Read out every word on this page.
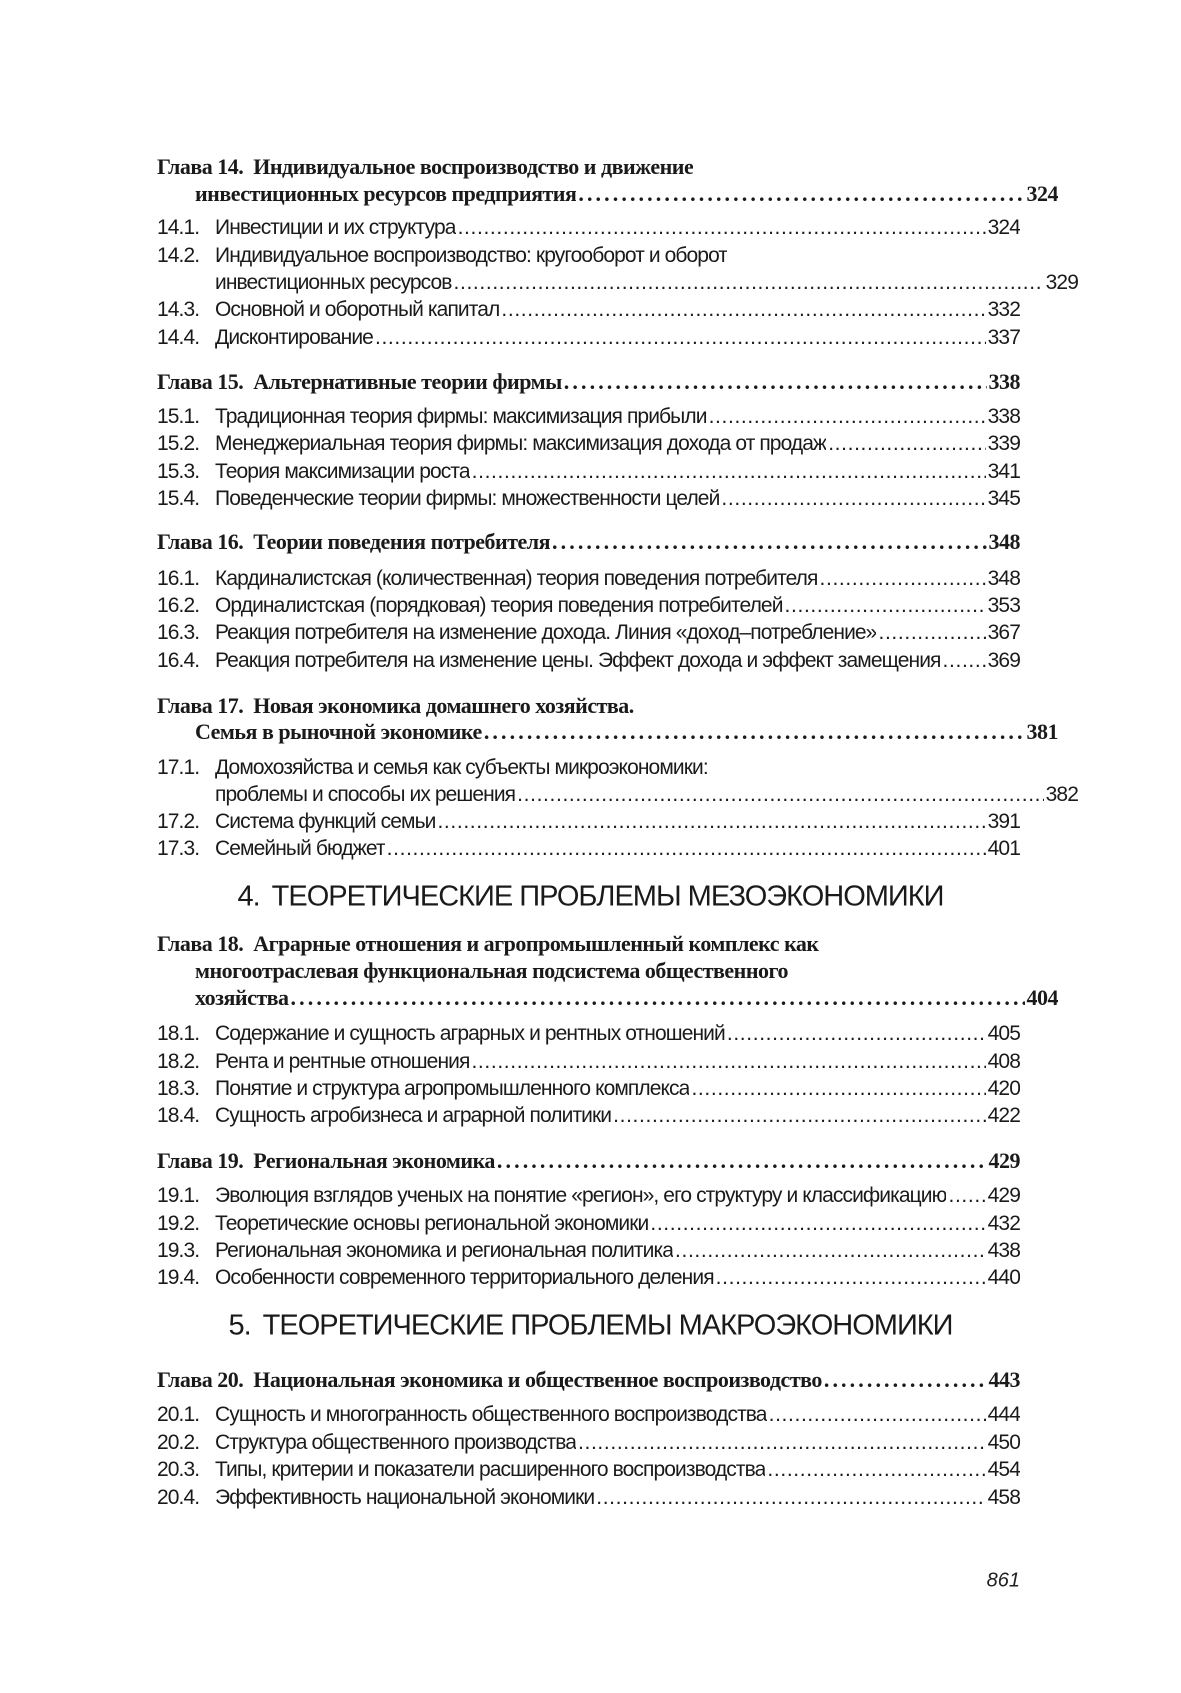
Глава 14. Индивидуальное воспроизводство и движение
инвестиционных ресурсов предприятия . . .	324
14.1. Инвестиции и их структура . . .	324
14.2. Индивидуальное воспроизводство: кругооборот и оборот
инвестиционных ресурсов . . .	329
14.3. Основной и оборотный капитал . . .	332
14.4. Дисконтирование . . .	337
Глава 15. Альтернативные теории фирмы . . .	338
15.1. Традиционная теория фирмы: максимизация прибыли . . .	338
15.2. Менеджериальная теория фирмы: максимизация дохода от продаж . . .	339
15.3. Теория максимизации роста . . .	341
15.4. Поведенческие теории фирмы: множественности целей . . .	345
Глава 16. Теории поведения потребителя . . .	348
16.1. Кардиналистская (количественная) теория поведения потребителя . . .	348
16.2. Ординалистская (порядковая) теория поведения потребителей . . .	353
16.3. Реакция потребителя на изменение дохода. Линия «доход–потребление» . . .	367
16.4. Реакция потребителя на изменение цены. Эффект дохода и эффект замещения . . . 369
Глава 17. Новая экономика домашнего хозяйства.
Семья в рыночной экономике . . .	381
17.1. Домохозяйства и семья как субъекты микроэкономики:
проблемы и способы их решения . . .	382
17.2. Система функций семьи . . .	391
17.3. Семейный бюджет . . .	401
4. ТЕОРЕТИЧЕСКИЕ ПРОБЛЕМЫ МЕЗОЭКОНОМИКИ
Глава 18. Аграрные отношения и агропромышленный комплекс как
многоотраслевая функциональная подсистема общественного
хозяйства . . .	404
18.1. Содержание и сущность аграрных и рентных отношений . . .	405
18.2. Рента и рентные отношения . . .	408
18.3. Понятие и структура агропромышленного комплекса . . .	420
18.4. Сущность агробизнеса и аграрной политики . . .	422
Глава 19. Региональная экономика . . .	429
19.1. Эволюция взглядов ученых на понятие «регион», его структуру и классификацию . . . 429
19.2. Теоретические основы региональной экономики . . .	432
19.3. Региональная экономика и региональная политика . . .	438
19.4. Особенности современного территориального деления . . .	440
5. ТЕОРЕТИЧЕСКИЕ ПРОБЛЕМЫ МАКРОЭКОНОМИКИ
Глава 20. Национальная экономика и общественное воспроизводство . . .	443
20.1. Сущность и многогранность общественного воспроизводства . . .	444
20.2. Структура общественного производства . . .	450
20.3. Типы, критерии и показатели расширенного воспроизводства . . .	454
20.4. Эффективность национальной экономики . . .	458
861
